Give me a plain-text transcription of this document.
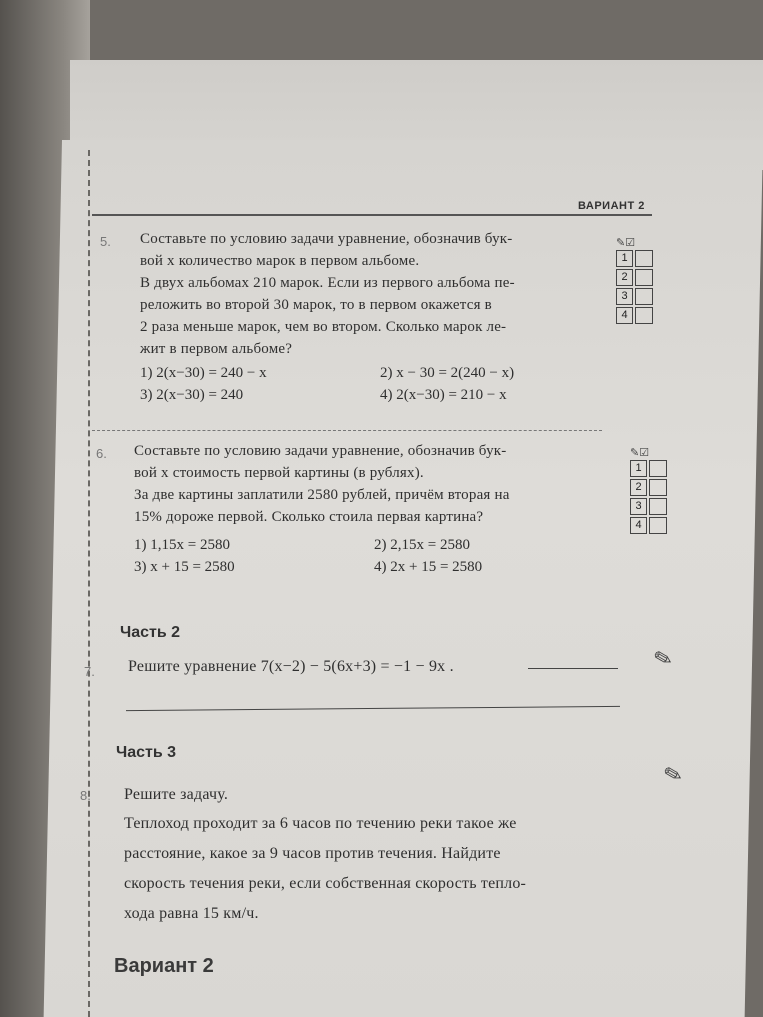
ВАРИАНТ 2
5. Составьте по условию задачи уравнение, обозначив бук-
вой x количество марок в первом альбоме.
В двух альбомах 210 марок. Если из первого альбома пе-
реложить во второй 30 марок, то в первом окажется в
2 раза меньше марок, чем во втором. Сколько марок ле-
жит в первом альбоме?
1) 2(x−30) = 240 − x	2) x − 30 = 2(240 − x)
3) 2(x−30) = 240	4) 2(x−30) = 210 − x
✎☑
1
2
3
4
6. Составьте по условию задачи уравнение, обозначив бук-
вой x стоимость первой картины (в рублях).
За две картины заплатили 2580 рублей, причём вторая на
15% дороже первой. Сколько стоила первая картина?
1) 1,15x = 2580	2) 2,15x = 2580
3) x + 15 = 2580	4) 2x + 15 = 2580
✎☑
1
2
3
4
Часть 2
7. Решите уравнение 7(x−2) − 5(6x+3) = −1 − 9x .	✎
Часть 3
8. Решите задачу.
Теплоход проходит за 6 часов по течению реки такое же
расстояние, какое за 9 часов против течения. Найдите
скорость течения реки, если собственная скорость тепло-
хода равна 15 км/ч.
✎
Вариант 2
